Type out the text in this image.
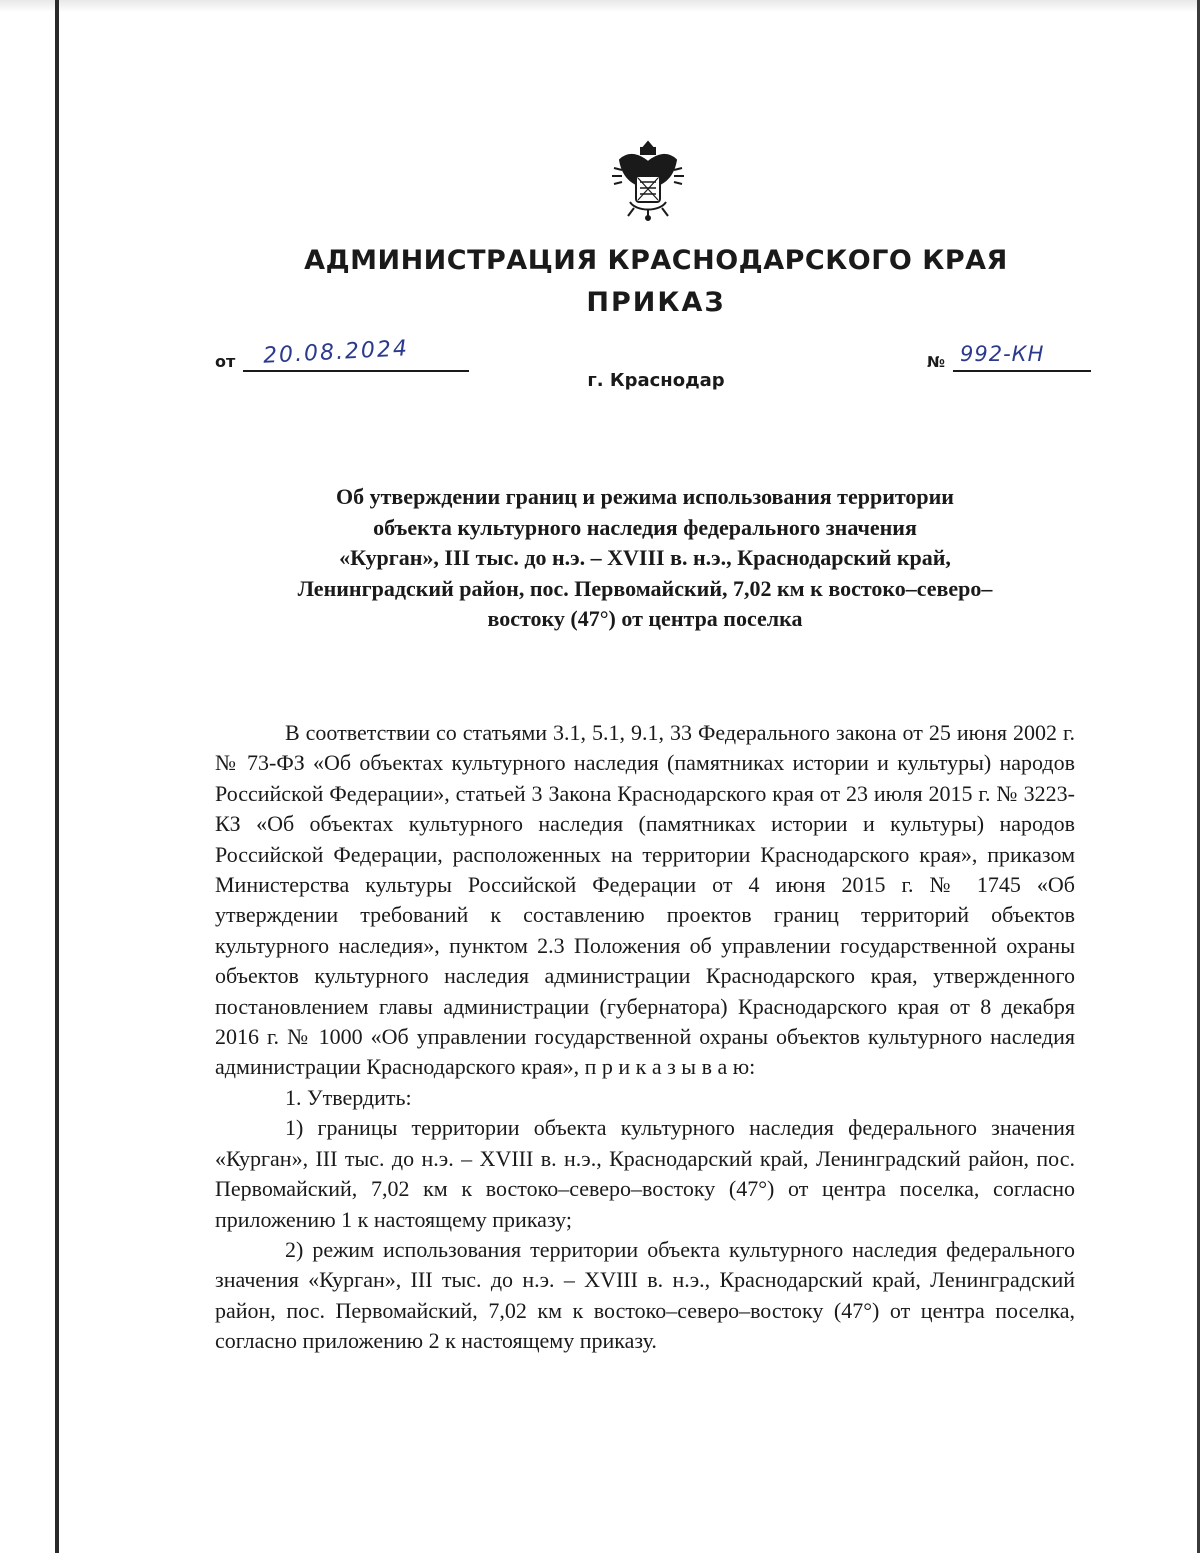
АДМИНИСТРАЦИЯ КРАСНОДАРСКОГО КРАЯ
ПРИКАЗ
от 20.08.2024	№ 992-КН
г. Краснодар
Об утверждении границ и режима использования территории
объекта культурного наследия федерального значения
«Курган», III тыс. до н.э. – XVIII в. н.э., Краснодарский край,
Ленинградский район, пос. Первомайский, 7,02 км к востоко–северо–
востоку (47°) от центра поселка

В соответствии со статьями 3.1, 5.1, 9.1, 33 Федерального закона от 25 июня 2002 г. № 73-ФЗ «Об объектах культурного наследия (памятниках истории и культуры) народов Российской Федерации», статьей 3 Закона Краснодарского края от 23 июля 2015 г. № 3223-КЗ «Об объектах культурного наследия (памятниках истории и культуры) народов Российской Федерации, расположенных на территории Краснодарского края», приказом Министерства культуры Российской Федерации от 4 июня 2015 г. № 1745 «Об утверждении требований к составлению проектов границ территорий объектов культурного наследия», пунктом 2.3 Положения об управлении государственной охраны объектов культурного наследия администрации Краснодарского края, утвержденного постановлением главы администрации (губернатора) Краснодарского края от 8 декабря 2016 г. № 1000 «Об управлении государственной охраны объектов культурного наследия администрации Краснодарского края», п р и к а з ы в а ю:

1. Утвердить:

1) границы территории объекта культурного наследия федерального значения «Курган», III тыс. до н.э. – XVIII в. н.э., Краснодарский край, Ленинградский район, пос. Первомайский, 7,02 км к востоко–северо–востоку (47°) от центра поселка, согласно приложению 1 к настоящему приказу;

2) режим использования территории объекта культурного наследия федерального значения «Курган», III тыс. до н.э. – XVIII в. н.э., Краснодарский край, Ленинградский район, пос. Первомайский, 7,02 км к востоко–северо–востоку (47°) от центра поселка, согласно приложению 2 к настоящему приказу.
